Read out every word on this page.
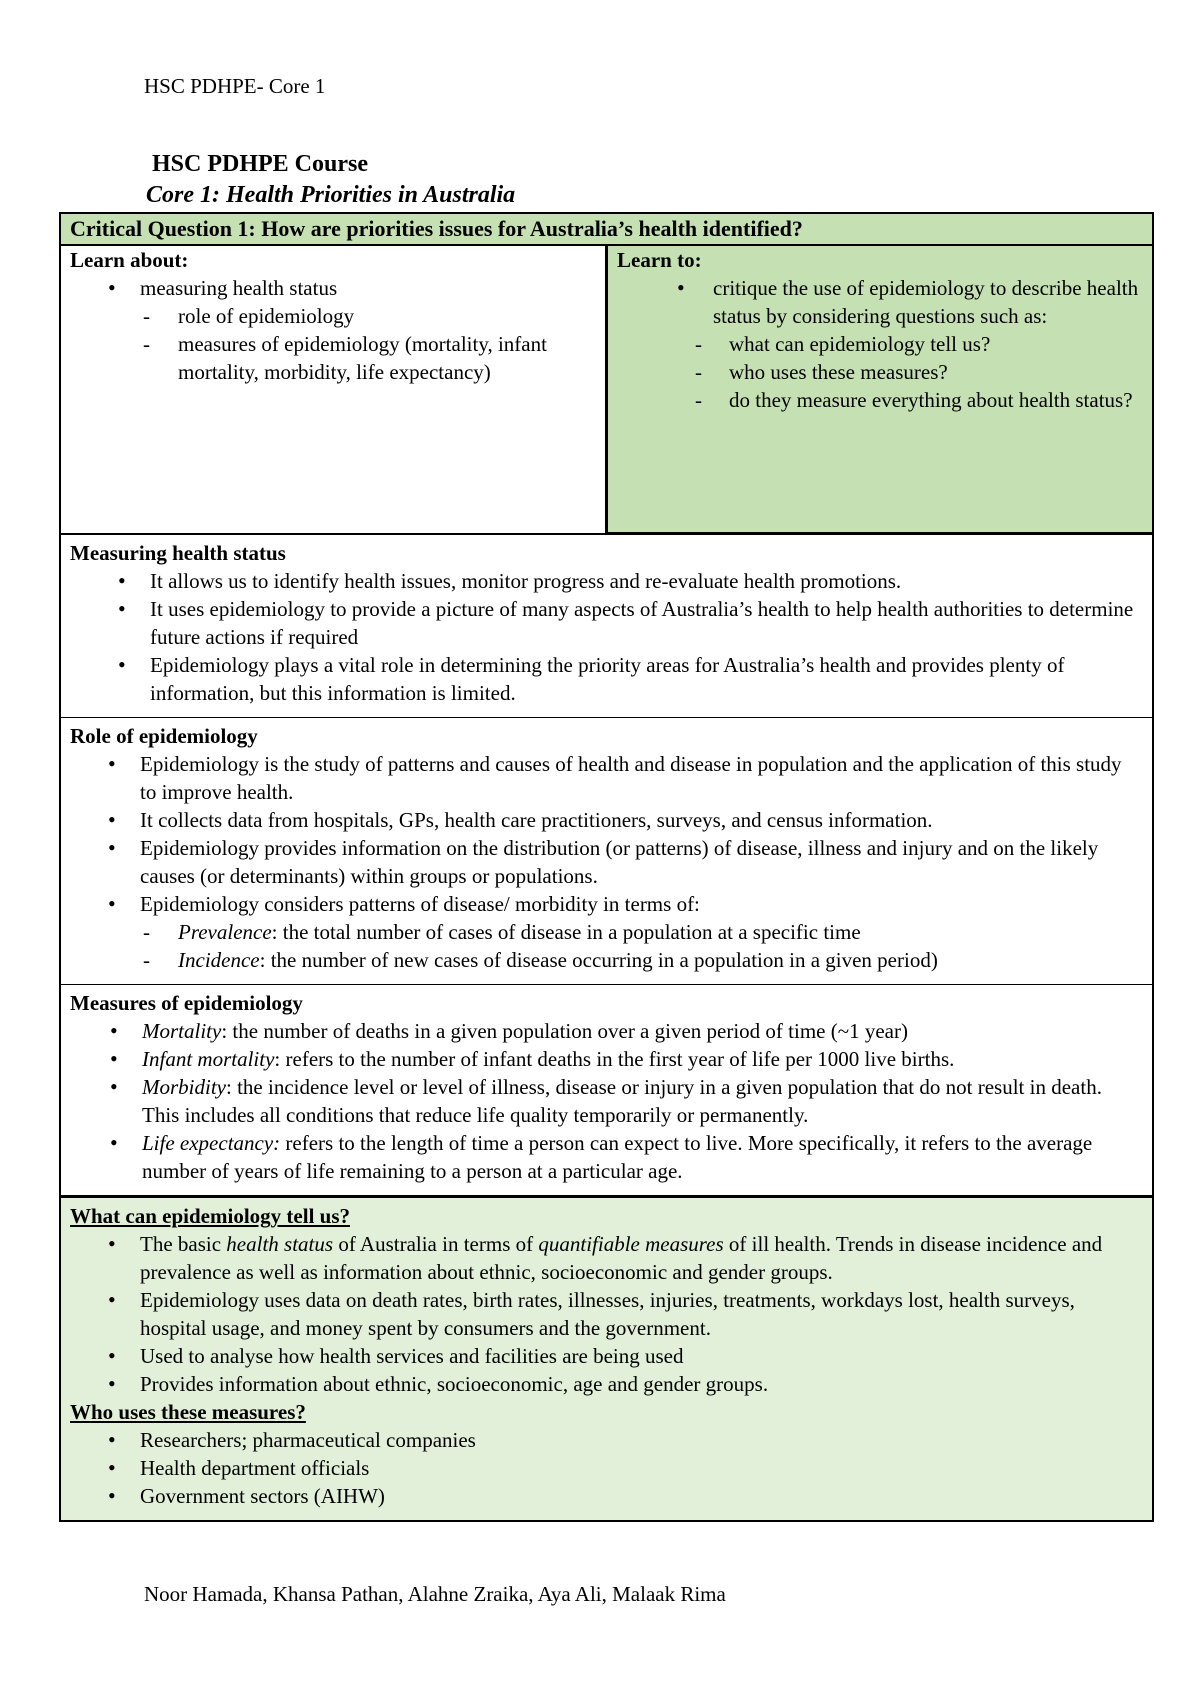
HSC PDHPE- Core 1
HSC PDHPE Course
Core 1: Health Priorities in Australia
Critical Question 1: How are priorities issues for Australia’s health identified?
Learn about:
• measuring health status
- role of epidemiology
- measures of epidemiology (mortality, infant mortality, morbidity, life expectancy)
Learn to:
• critique the use of epidemiology to describe health status by considering questions such as:
- what can epidemiology tell us?
- who uses these measures?
- do they measure everything about health status?
Measuring health status
• It allows us to identify health issues, monitor progress and re-evaluate health promotions.
• It uses epidemiology to provide a picture of many aspects of Australia’s health to help health authorities to determine future actions if required
• Epidemiology plays a vital role in determining the priority areas for Australia’s health and provides plenty of information, but this information is limited.
Role of epidemiology
• Epidemiology is the study of patterns and causes of health and disease in population and the application of this study to improve health.
• It collects data from hospitals, GPs, health care practitioners, surveys, and census information.
• Epidemiology provides information on the distribution (or patterns) of disease, illness and injury and on the likely causes (or determinants) within groups or populations.
• Epidemiology considers patterns of disease/ morbidity in terms of:
- Prevalence: the total number of cases of disease in a population at a specific time
- Incidence: the number of new cases of disease occurring in a population in a given period)
Measures of epidemiology
• Mortality: the number of deaths in a given population over a given period of time (~1 year)
• Infant mortality: refers to the number of infant deaths in the first year of life per 1000 live births.
• Morbidity: the incidence level or level of illness, disease or injury in a given population that do not result in death. This includes all conditions that reduce life quality temporarily or permanently.
• Life expectancy: refers to the length of time a person can expect to live. More specifically, it refers to the average number of years of life remaining to a person at a particular age.
What can epidemiology tell us?
• The basic health status of Australia in terms of quantifiable measures of ill health. Trends in disease incidence and prevalence as well as information about ethnic, socioeconomic and gender groups.
• Epidemiology uses data on death rates, birth rates, illnesses, injuries, treatments, workdays lost, health surveys, hospital usage, and money spent by consumers and the government.
• Used to analyse how health services and facilities are being used
• Provides information about ethnic, socioeconomic, age and gender groups.
Who uses these measures?
• Researchers; pharmaceutical companies
• Health department officials
• Government sectors (AIHW)
Noor Hamada, Khansa Pathan, Alahne Zraika, Aya Ali, Malaak Rima
